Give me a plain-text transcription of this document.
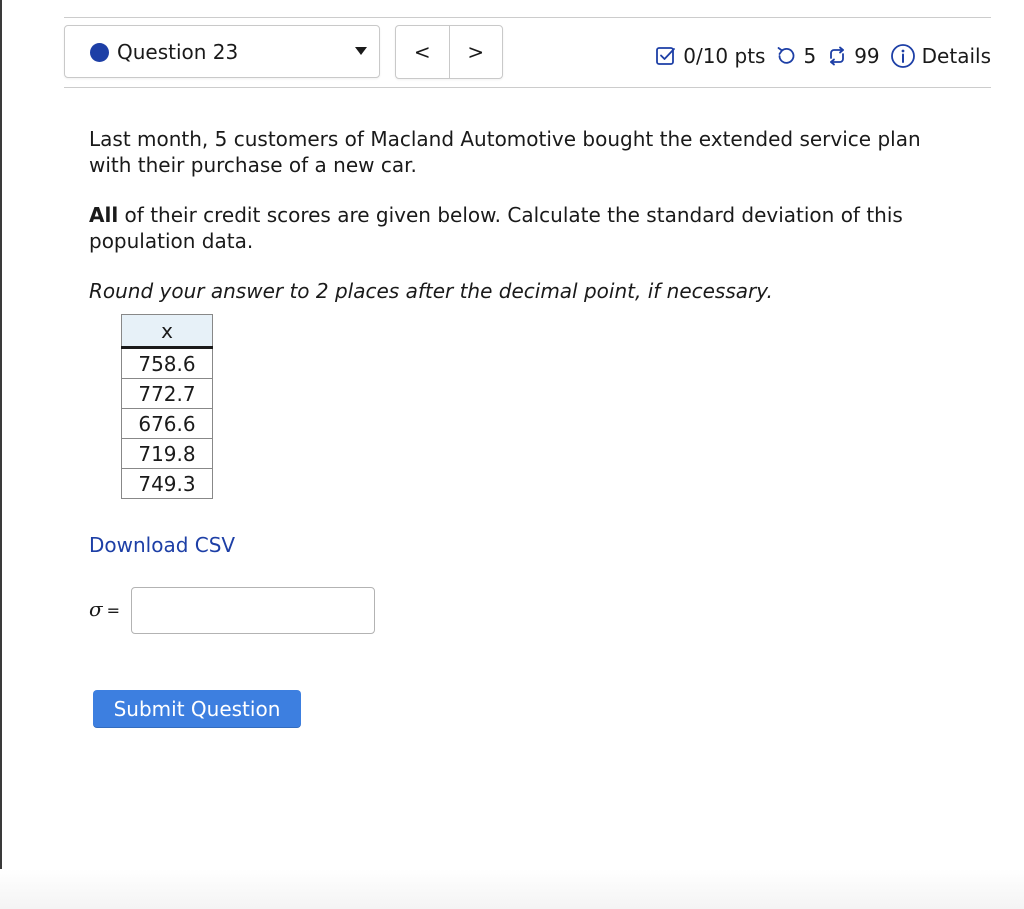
Question 23	<	>	0/10 pts 5 99 Details
Last month, 5 customers of Macland Automotive bought the extended service plan with their purchase of a new car.
All of their credit scores are given below. Calculate the standard deviation of this population data.
Round your answer to 2 places after the decimal point, if necessary.
x
758.6
772.7
676.6
719.8
749.3
Download CSV
σ =
Submit Question
